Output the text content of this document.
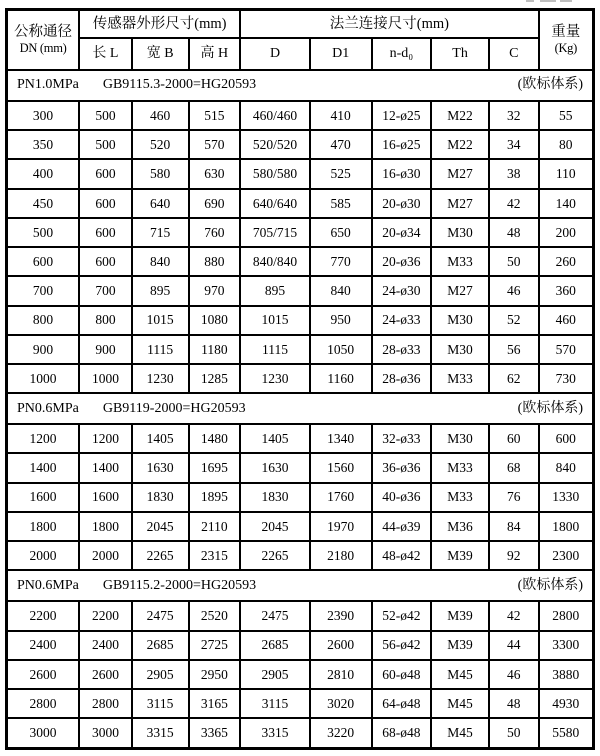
公称通径
DN (mm)	传感器外形尺寸(mm)			法兰连接尺寸(mm)					重量
(Kg)

	长 L	宽 B	高 H	D	D1	n-d₀	Th	C	

PN1.0MPa GB9115.3-2000=HG20593 (欧标体系)									

300	500	460	515	460/460	410	12-ø25	M22	32	55
350	500	520	570	520/520	470	16-ø25	M22	34	80
400	600	580	630	580/580	525	16-ø30	M27	38	110
450	600	640	690	640/640	585	20-ø30	M27	42	140
500	600	715	760	705/715	650	20-ø34	M30	48	200
600	600	840	880	840/840	770	20-ø36	M33	50	260
700	700	895	970	895	840	24-ø30	M27	46	360
800	800	1015	1080	1015	950	24-ø33	M30	52	460
900	900	1115	1180	1115	1050	28-ø33	M30	56	570
1000	1000	1230	1285	1230	1160	28-ø36	M33	62	730

PN0.6MPa GB9119-2000=HG20593 (欧标体系)									

1200	1200	1405	1480	1405	1340	32-ø33	M30	60	600
1400	1400	1630	1695	1630	1560	36-ø36	M33	68	840
1600	1600	1830	1895	1830	1760	40-ø36	M33	76	1330
1800	1800	2045	2110	2045	1970	44-ø39	M36	84	1800
2000	2000	2265	2315	2265	2180	48-ø42	M39	92	2300

PN0.6MPa GB9115.2-2000=HG20593 (欧标体系)									

2200	2200	2475	2520	2475	2390	52-ø42	M39	42	2800
2400	2400	2685	2725	2685	2600	56-ø42	M39	44	3300
2600	2600	2905	2950	2905	2810	60-ø48	M45	46	3880
2800	2800	3115	3165	3115	3020	64-ø48	M45	48	4930
3000	3000	3315	3365	3315	3220	68-ø48	M45	50	5580
